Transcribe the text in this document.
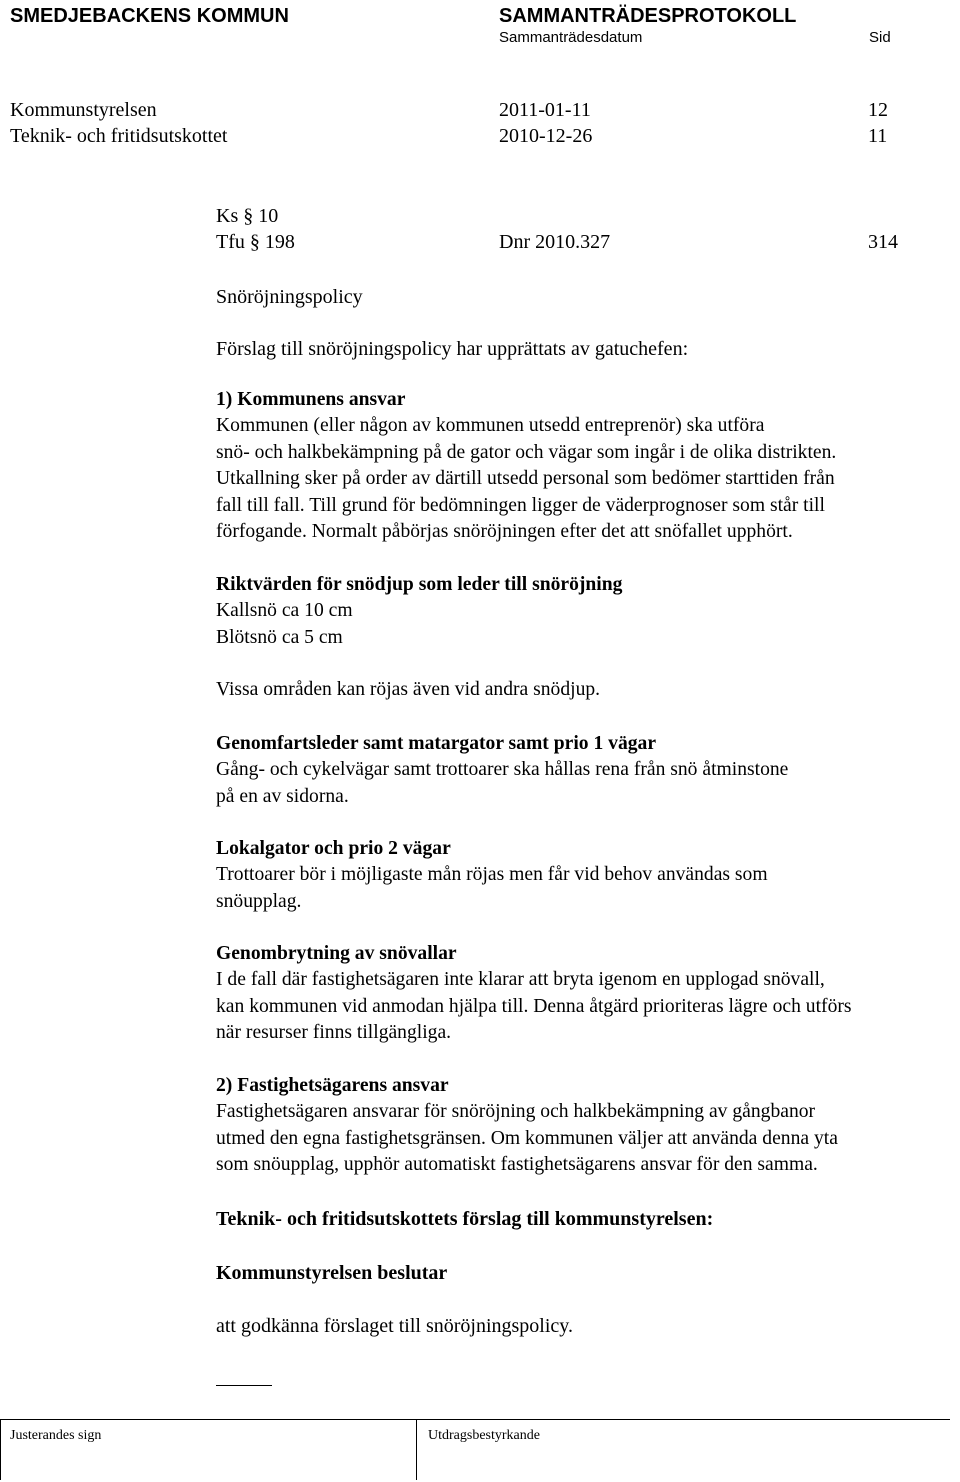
SMEDJEBACKENS KOMMUN	SAMMANTRÄDESPROTOKOLL
Sammanträdesdatum	Sid
Kommunstyrelsen	2011-01-11	12
Teknik- och fritidsutskottet	2010-12-26	11
Ks § 10
Tfu § 198	Dnr 2010.327	314
Snöröjningspolicy
Förslag till snöröjningspolicy har upprättats av gatuchefen:

1) Kommunens ansvar

Kommunen (eller någon av kommunen utsedd entreprenör) ska utföra

snö- och halkbekämpning på de gator och vägar som ingår i de olika distrikten.

Utkallning sker på order av därtill utsedd personal som bedömer starttiden från

fall till fall. Till grund för bedömningen ligger de väderprognoser som står till

förfogande. Normalt påbörjas snöröjningen efter det att snöfallet upphört.

Riktvärden för snödjup som leder till snöröjning

Kallsnö ca 10 cm

Blötsnö ca 5 cm

Vissa områden kan röjas även vid andra snödjup.

Genomfartsleder samt matargator samt prio 1 vägar

Gång- och cykelvägar samt trottoarer ska hållas rena från snö åtminstone

på en av sidorna.

Lokalgator och prio 2 vägar

Trottoarer bör i möjligaste mån röjas men får vid behov användas som

snöupplag.

Genombrytning av snövallar

I de fall där fastighetsägaren inte klarar att bryta igenom en upplogad snövall,

kan kommunen vid anmodan hjälpa till. Denna åtgärd prioriteras lägre och utförs

när resurser finns tillgängliga.

2) Fastighetsägarens ansvar

Fastighetsägaren ansvarar för snöröjning och halkbekämpning av gångbanor

utmed den egna fastighetsgränsen. Om kommunen väljer att använda denna yta

som snöupplag, upphör automatiskt fastighetsägarens ansvar för den samma.

Teknik- och fritidsutskottets förslag till kommunstyrelsen:
Kommunstyrelsen beslutar
att godkänna förslaget till snöröjningspolicy.
Justerandes sign	Utdragsbestyrkande
